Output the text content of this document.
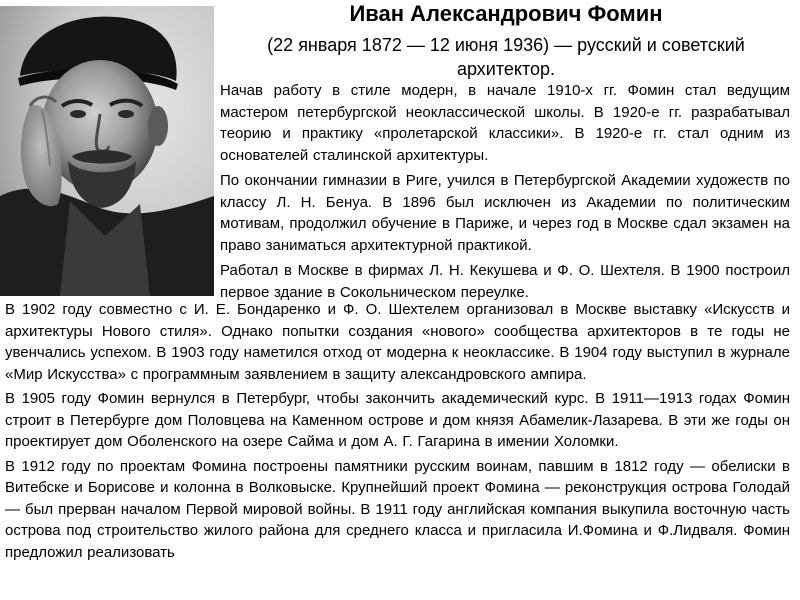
Иван Александрович Фомин
(22 января 1872 — 12 июня 1936) — русский и советский архитектор.

Начав работу в стиле модерн, в начале 1910-х гг. Фомин стал ведущим мастером петербургской неоклассической школы. В 1920-е гг. разрабатывал теорию и практику «пролетарской классики». В 1920-е гг. стал одним из основателей сталинской архитектуры.

По окончании гимназии в Риге, учился в Петербургской Академии художеств по классу Л. Н. Бенуа. В 1896 был исключен из Академии по политическим мотивам, продолжил обучение в Париже, и через год в Москве сдал экзамен на право заниматься архитектурной практикой.

Работал в Москве в фирмах Л. Н. Кекушева и Ф. О. Шехтеля. В 1900 построил первое здание в Сокольническом переулке.

В 1902 году совместно с И. Е. Бондаренко и Ф. О. Шехтелем организовал в Москве выставку «Искусств и архитектуры Нового стиля». Однако попытки создания «нового» сообщества архитекторов в те годы не увенчались успехом. В 1903 году наметился отход от модерна к неоклассике. В 1904 году выступил в журнале «Мир Искусства» с программным заявлением в защиту александровского ампира.

В 1905 году Фомин вернулся в Петербург, чтобы закончить академический курс. В 1911—1913 годах Фомин строит в Петербурге дом Половцева на Каменном острове и дом князя Абамелик-Лазарева. В эти же годы он проектирует дом Оболенского на озере Сайма и дом А. Г. Гагарина в имении Холомки.

В 1912 году по проектам Фомина построены памятники русским воинам, павшим в 1812 году — обелиски в Витебске и Борисове и колонна в Волковыске. Крупнейший проект Фомина — реконструкция острова Голодай — был прерван началом Первой мировой войны. В 1911 году английская компания выкупила восточную часть острова под строительство жилого района для среднего класса и пригласила И.Фомина и Ф.Лидваля. Фомин предложил реализовать
